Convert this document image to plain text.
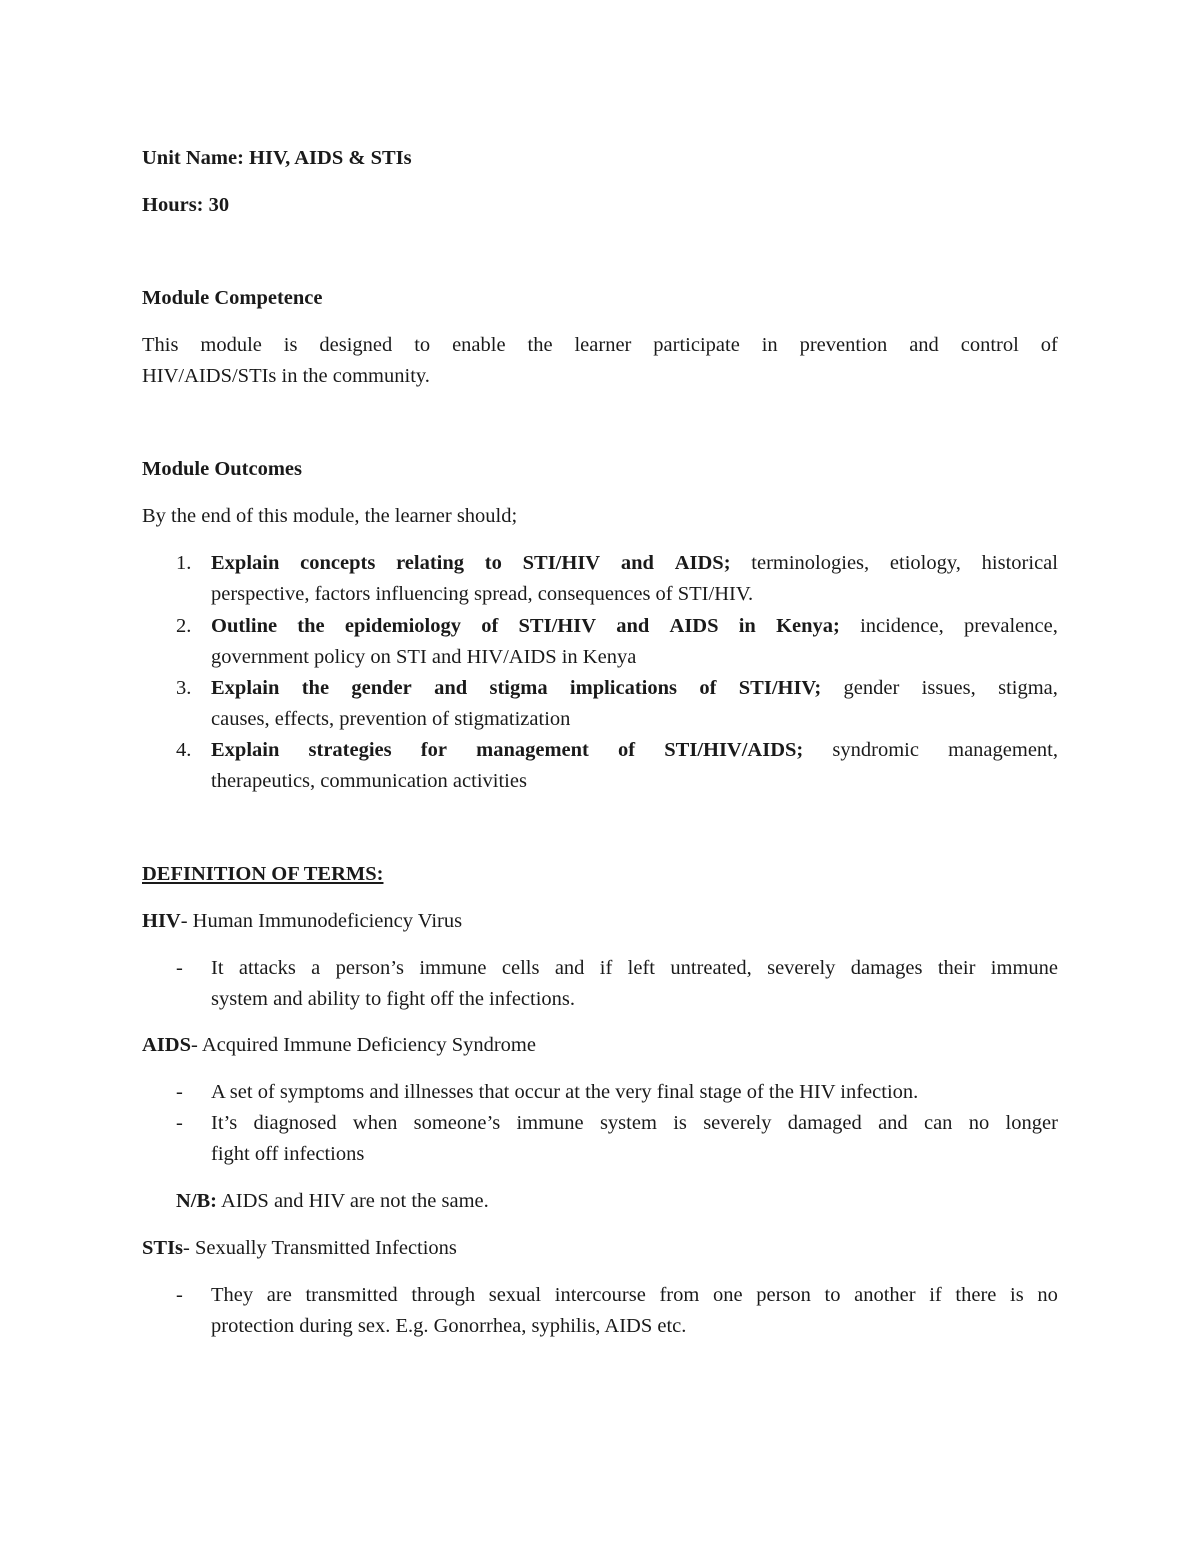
Unit Name: HIV, AIDS & STIs
Hours: 30
Module Competence
This module is designed to enable the learner participate in prevention and control of
HIV/AIDS/STIs in the community.
Module Outcomes
By the end of this module, the learner should;
1. Explain concepts relating to STI/HIV and AIDS; terminologies, etiology, historical
perspective, factors influencing spread, consequences of STI/HIV.
2. Outline the epidemiology of STI/HIV and AIDS in Kenya; incidence, prevalence,
government policy on STI and HIV/AIDS in Kenya
3. Explain the gender and stigma implications of STI/HIV; gender issues, stigma,
causes, effects, prevention of stigmatization
4. Explain strategies for management of STI/HIV/AIDS; syndromic management,
therapeutics, communication activities
DEFINITION OF TERMS:
HIV- Human Immunodeficiency Virus
- It attacks a person’s immune cells and if left untreated, severely damages their immune
system and ability to fight off the infections.
AIDS- Acquired Immune Deficiency Syndrome
- A set of symptoms and illnesses that occur at the very final stage of the HIV infection.
- It’s diagnosed when someone’s immune system is severely damaged and can no longer
fight off infections
N/B: AIDS and HIV are not the same.
STIs- Sexually Transmitted Infections
- They are transmitted through sexual intercourse from one person to another if there is no
protection during sex. E.g. Gonorrhea, syphilis, AIDS etc.
